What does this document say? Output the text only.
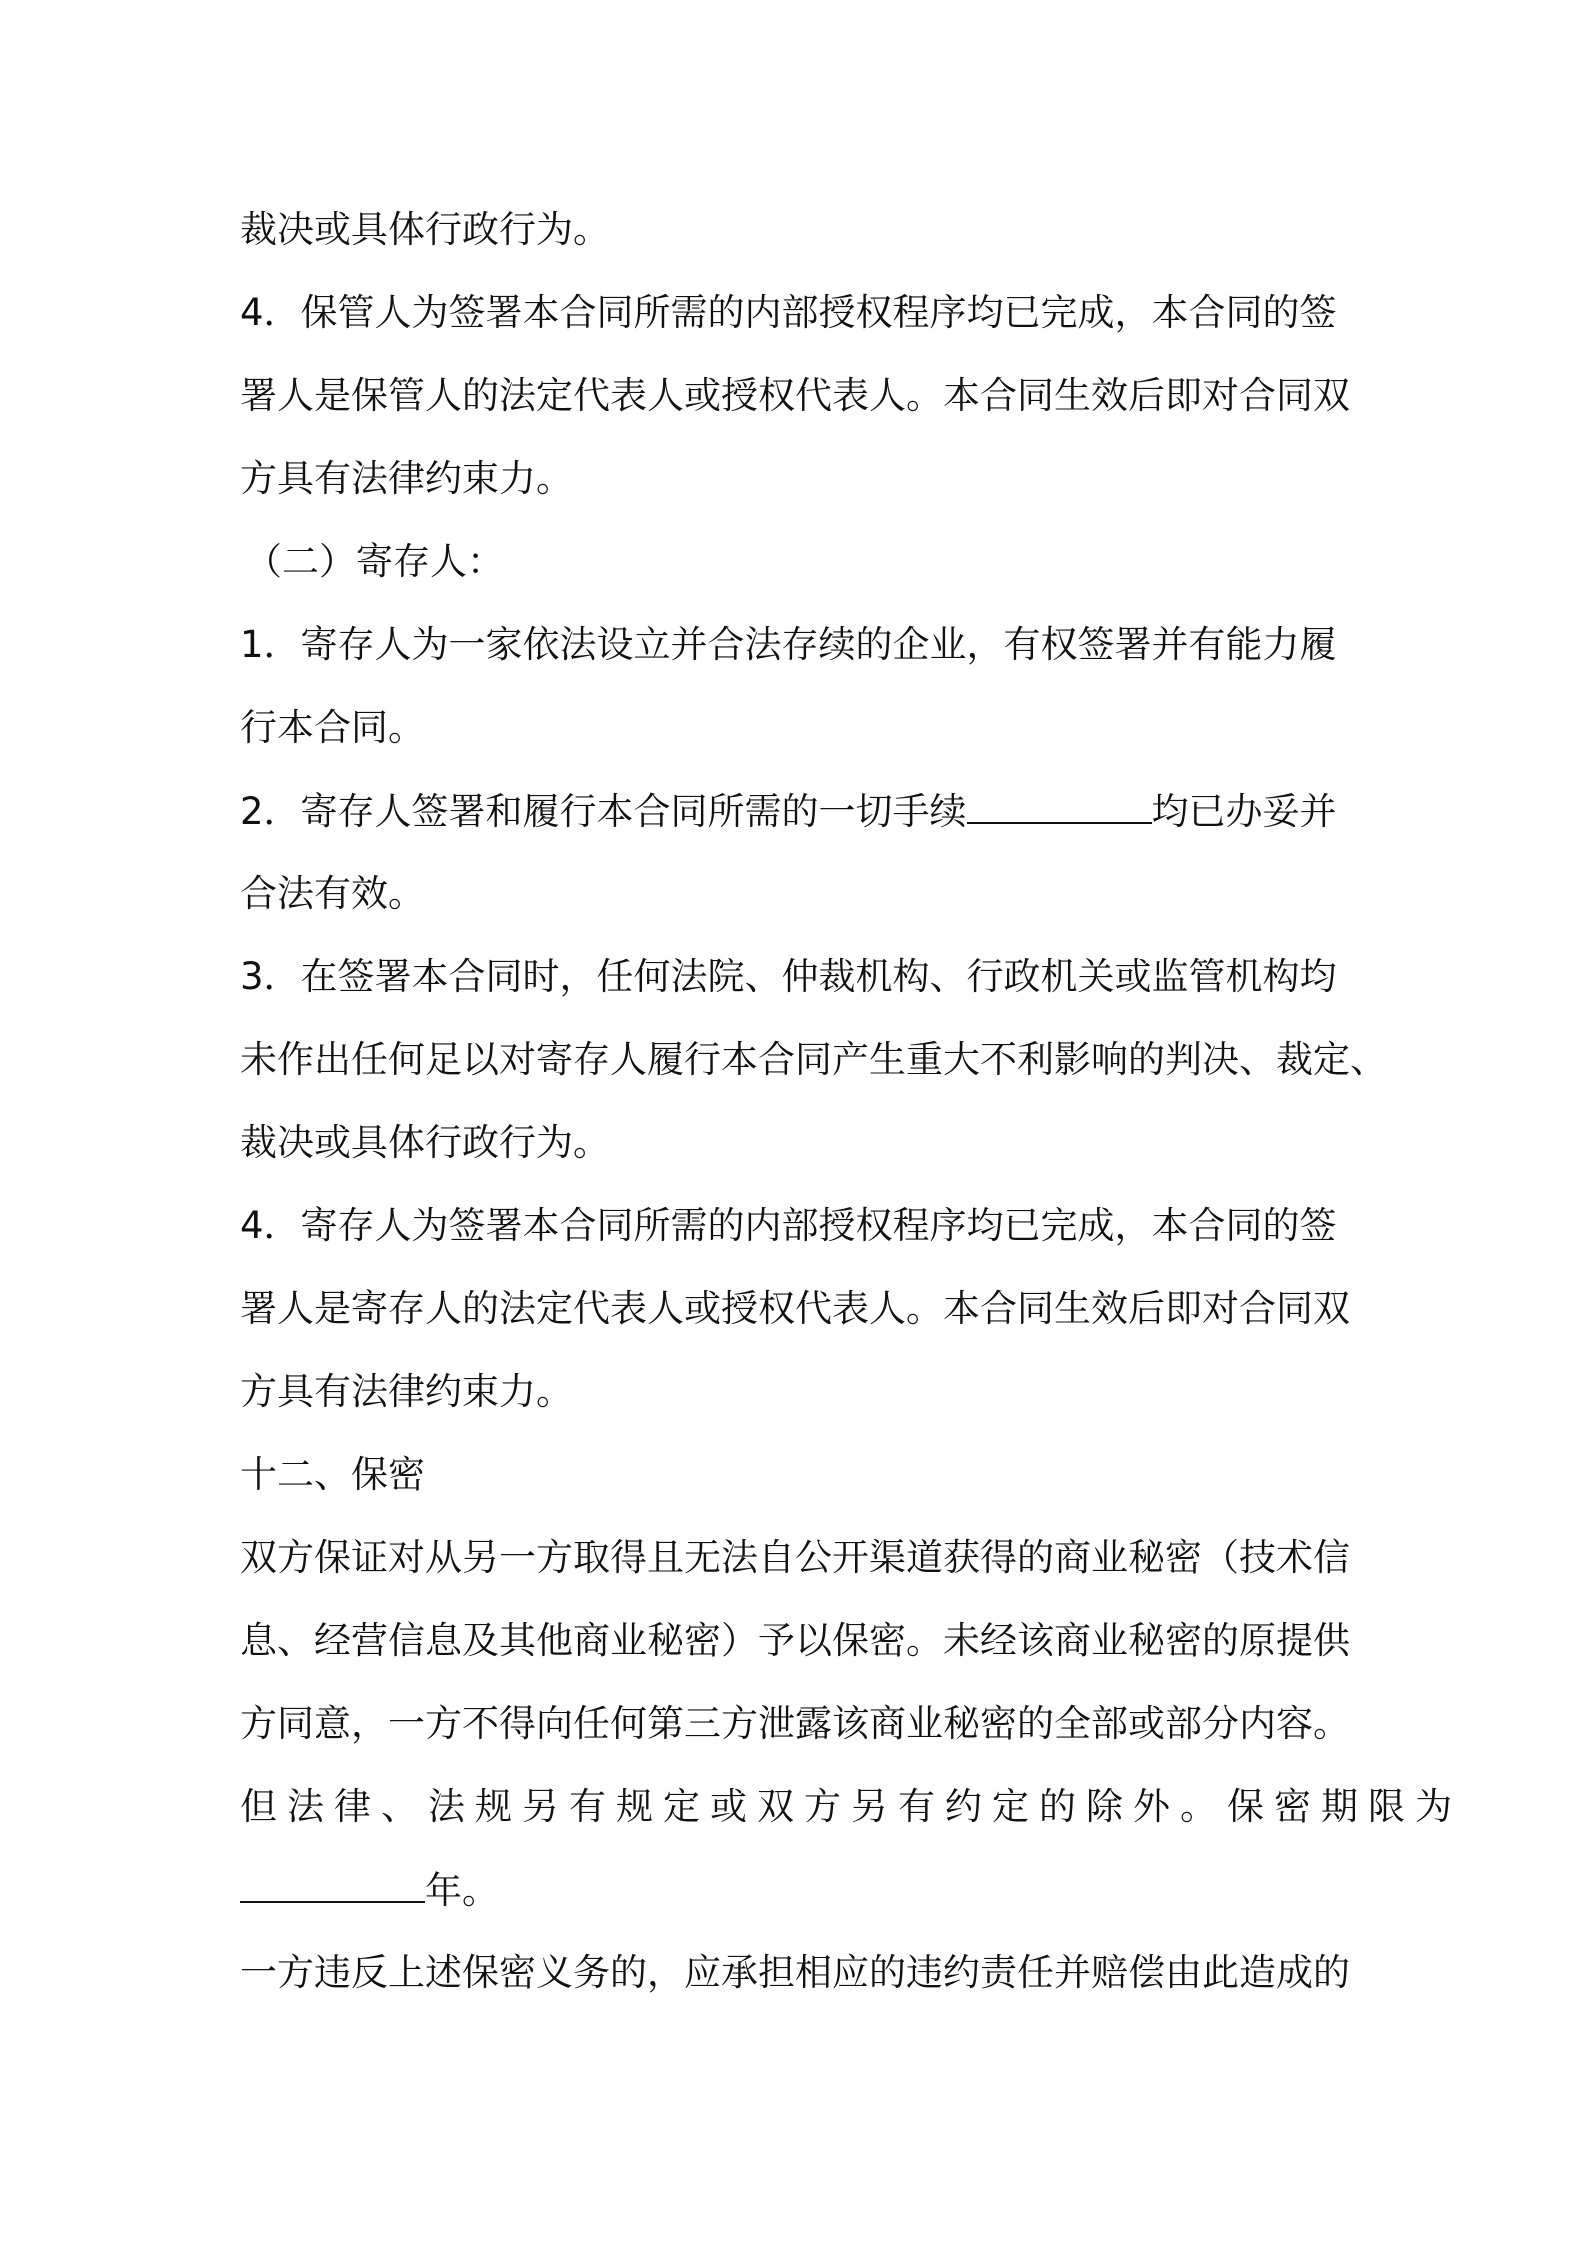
裁决或具体行政行为。

4．保管人为签署本合同所需的内部授权程序均已完成，本合同的签

署人是保管人的法定代表人或授权代表人。本合同生效后即对合同双

方具有法律约束力。

（二）寄存人：

1．寄存人为一家依法设立并合法存续的企业，有权签署并有能力履

行本合同。

2．寄存人签署和履行本合同所需的一切手续	均已办妥并

合法有效。

3．在签署本合同时，任何法院、仲裁机构、行政机关或监管机构均

未作出任何足以对寄存人履行本合同产生重大不利影响的判决、裁定、

裁决或具体行政行为。

4．寄存人为签署本合同所需的内部授权程序均已完成，本合同的签

署人是寄存人的法定代表人或授权代表人。本合同生效后即对合同双

方具有法律约束力。

十二、保密

双方保证对从另一方取得且无法自公开渠道获得的商业秘密（技术信

息、经营信息及其他商业秘密）予以保密。未经该商业秘密的原提供

方同意，一方不得向任何第三方泄露该商业秘密的全部或部分内容。

但法律、法规另有规定或双方另有约定的除外。保密期限为

年。

一方违反上述保密义务的，应承担相应的违约责任并赔偿由此造成的
